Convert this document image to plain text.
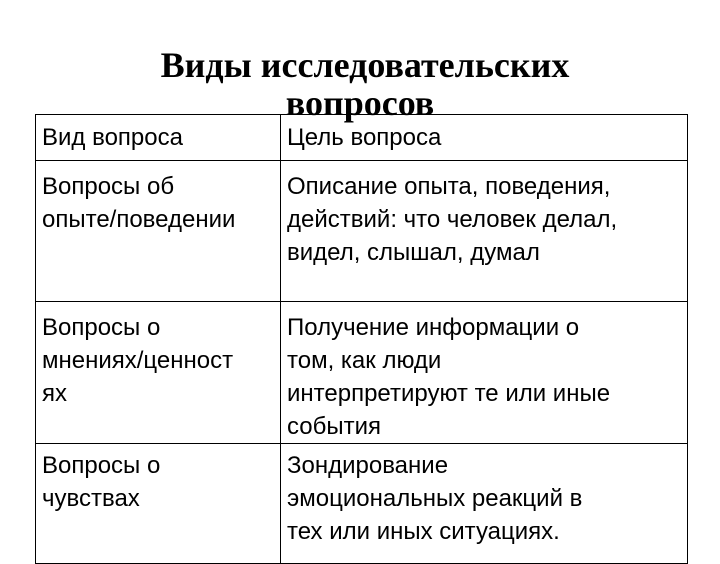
Виды исследовательских
вопросов
Вид вопроса	Цель вопроса

Вопросы об
опыте/поведении	Описание опыта, поведения,
действий: что человек делал,
видел, слышал, думал

Вопросы о
мнениях/ценност
ях	Получение информации о
том, как люди
интерпретируют те или иные
события

Вопросы о
чувствах	Зондирование
эмоциональных реакций в
тех или иных ситуациях.
